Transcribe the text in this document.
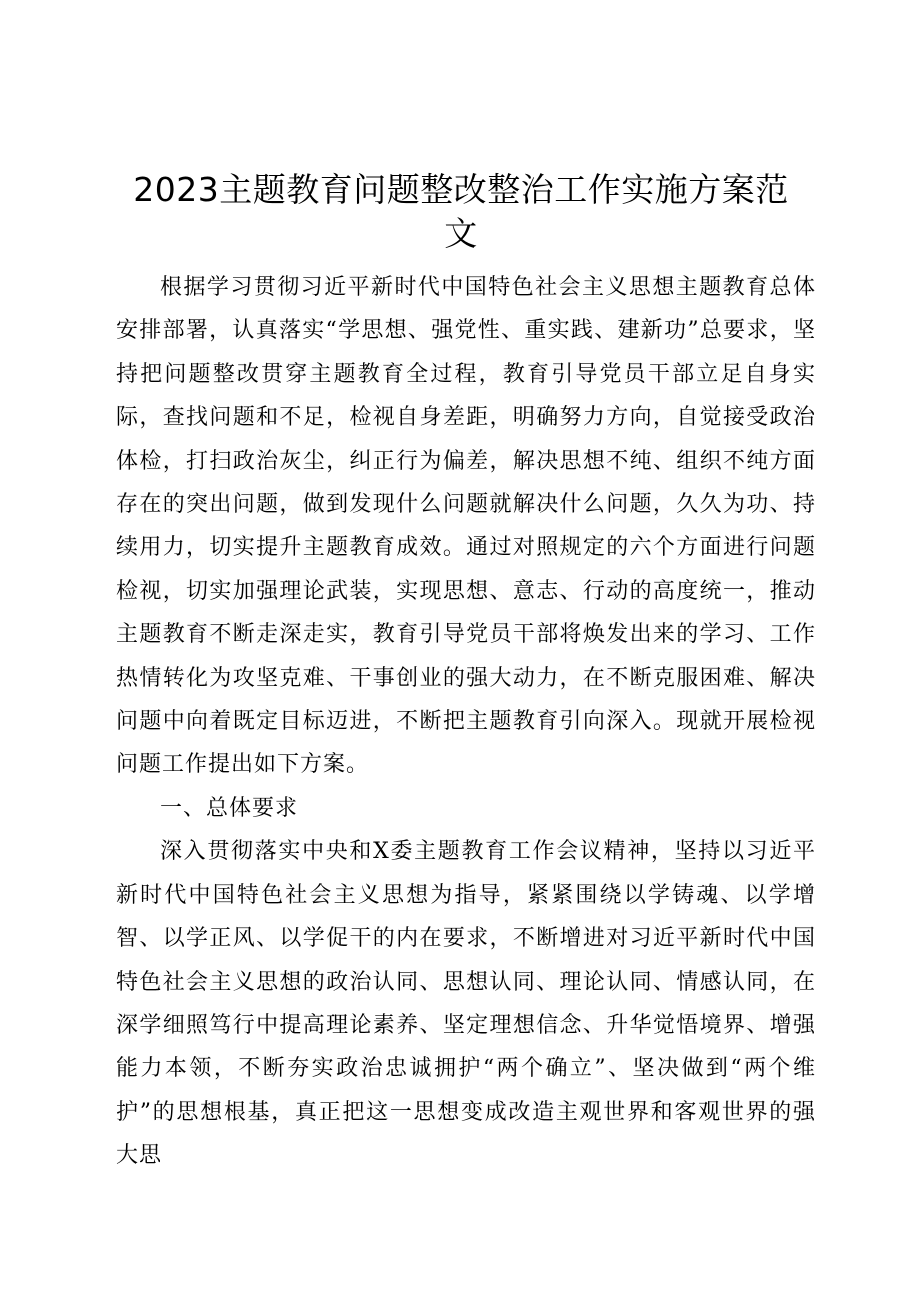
2023主题教育问题整改整治工作实施方案范
文

根据学习贯彻习近平新时代中国特色社会主义思想主题教育总体安排部署，认真落实“学思想、强党性、重实践、建新功”总要求，坚持把问题整改贯穿主题教育全过程，教育引导党员干部立足自身实际，查找问题和不足，检视自身差距，明确努力方向，自觉接受政治体检，打扫政治灰尘，纠正行为偏差，解决思想不纯、组织不纯方面存在的突出问题，做到发现什么问题就解决什么问题，久久为功、持续用力，切实提升主题教育成效。通过对照规定的六个方面进行问题检视，切实加强理论武装，实现思想、意志、行动的高度统一，推动主题教育不断走深走实，教育引导党员干部将焕发出来的学习、工作热情转化为攻坚克难、干事创业的强大动力，在不断克服困难、解决问题中向着既定目标迈进，不断把主题教育引向深入。现就开展检视问题工作提出如下方案。

一、总体要求

深入贯彻落实中央和X委主题教育工作会议精神，坚持以习近平新时代中国特色社会主义思想为指导，紧紧围绕以学铸魂、以学增智、以学正风、以学促干的内在要求，不断增进对习近平新时代中国特色社会主义思想的政治认同、思想认同、理论认同、情感认同，在深学细照笃行中提高理论素养、坚定理想信念、升华觉悟境界、增强能力本领，不断夯实政治忠诚拥护“两个确立”、坚决做到“两个维护”的思想根基，真正把这一思想变成改造主观世界和客观世界的强大思
